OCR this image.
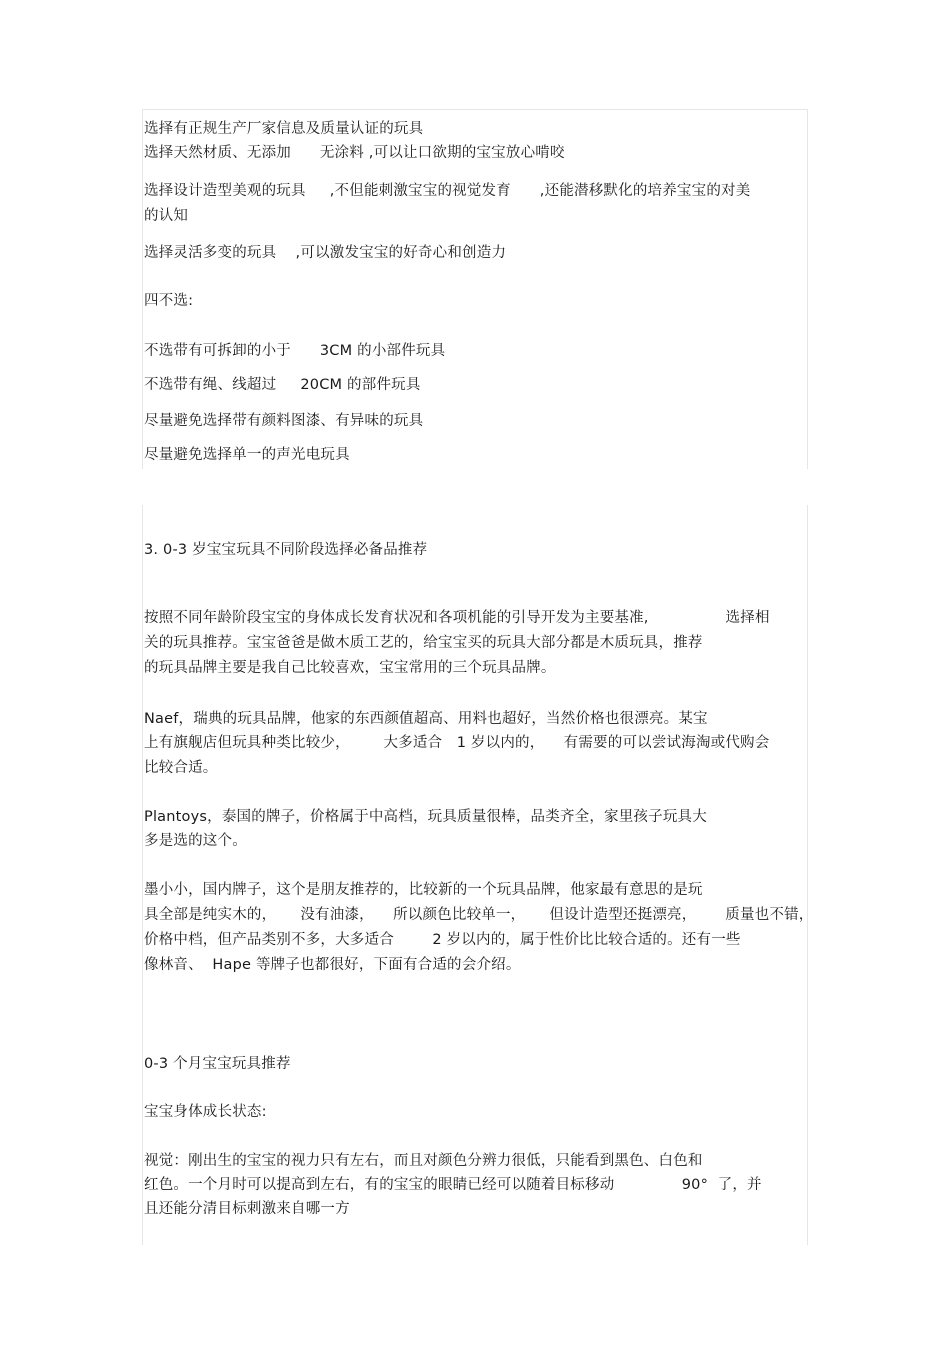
选择有正规生产厂家信息及质量认证的玩具
选择天然材质、无添加      无涂料 ,可以让口欲期的宝宝放心啃咬
选择设计造型美观的玩具     ,不但能刺激宝宝的视觉发育      ,还能潜移默化的培养宝宝的对美
的认知
选择灵活多变的玩具    ,可以激发宝宝的好奇心和创造力
四不选:
不选带有可拆卸的小于      3CM 的小部件玩具
不选带有绳、线超过     20CM 的部件玩具
尽量避免选择带有颜料图漆、有异味的玩具
尽量避免选择单一的声光电玩具
3. 0-3 岁宝宝玩具不同阶段选择必备品推荐
按照不同年龄阶段宝宝的身体成长发育状况和各项机能的引导开发为主要基准,                选择相
关的玩具推荐。宝宝爸爸是做木质工艺的，给宝宝买的玩具大部分都是木质玩具，推荐
的玩具品牌主要是我自己比较喜欢，宝宝常用的三个玩具品牌。
Naef，瑞典的玩具品牌，他家的东西颜值超高、用料也超好，当然价格也很漂亮。某宝
上有旗舰店但玩具种类比较少，       大多适合   1 岁以内的，    有需要的可以尝试海淘或代购会
比较合适。
Plantoys，泰国的牌子，价格属于中高档，玩具质量很棒，品类齐全，家里孩子玩具大
多是选的这个。
墨小小，国内牌子，这个是朋友推荐的，比较新的一个玩具品牌，他家最有意思的是玩
具全部是纯实木的，     没有油漆，    所以颜色比较单一，     但设计造型还挺漂亮，      质量也不错，
价格中档，但产品类别不多，大多适合        2 岁以内的，属于性价比比较合适的。还有一些
像林音、  Hape 等牌子也都很好，下面有合适的会介绍。
0-3 个月宝宝玩具推荐
宝宝身体成长状态:
视觉：刚出生的宝宝的视力只有左右，而且对颜色分辨力很低，只能看到黑色、白色和
红色。一个月时可以提高到左右，有的宝宝的眼睛已经可以随着目标移动              90°  了，并
且还能分清目标刺激来自哪一方
